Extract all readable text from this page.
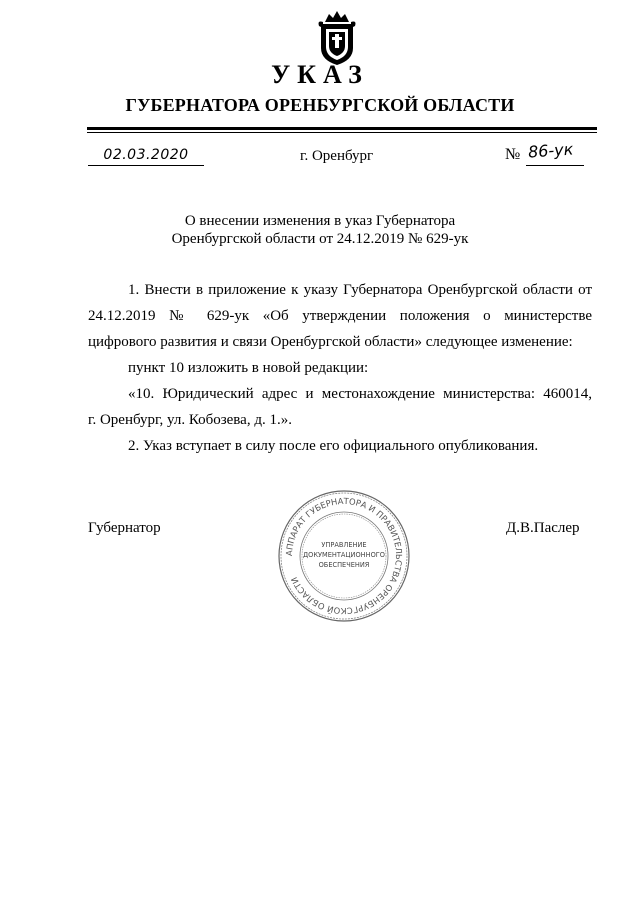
УКАЗ
ГУБЕРНАТОРА ОРЕНБУРГСКОЙ ОБЛАСТИ
02.03.2020	г. Оренбург	№ 86-ук
О внесении изменения в указ Губернатора
Оренбургской области от 24.12.2019 № 629-ук
1. Внести в приложение к указу Губернатора Оренбургской области от
24.12.2019 № 629-ук «Об утверждении положения о министерстве
цифрового развития и связи Оренбургской области» следующее изменение:
пункт 10 изложить в новой редакции:
«10. Юридический адрес и местонахождение министерства: 460014,
г. Оренбург, ул. Кобозева, д. 1.».
2. Указ вступает в силу после его официального опубликования.
Губернатор	Д.В.Паслер
АППАРАТ ГУБЕРНАТОРА И ПРАВИТЕЛЬСТВА ОРЕНБУРГСКОЙ ОБЛАСТИ
УПРАВЛЕНИЕ
ДОКУМЕНТАЦИОННОГО
ОБЕСПЕЧЕНИЯ
